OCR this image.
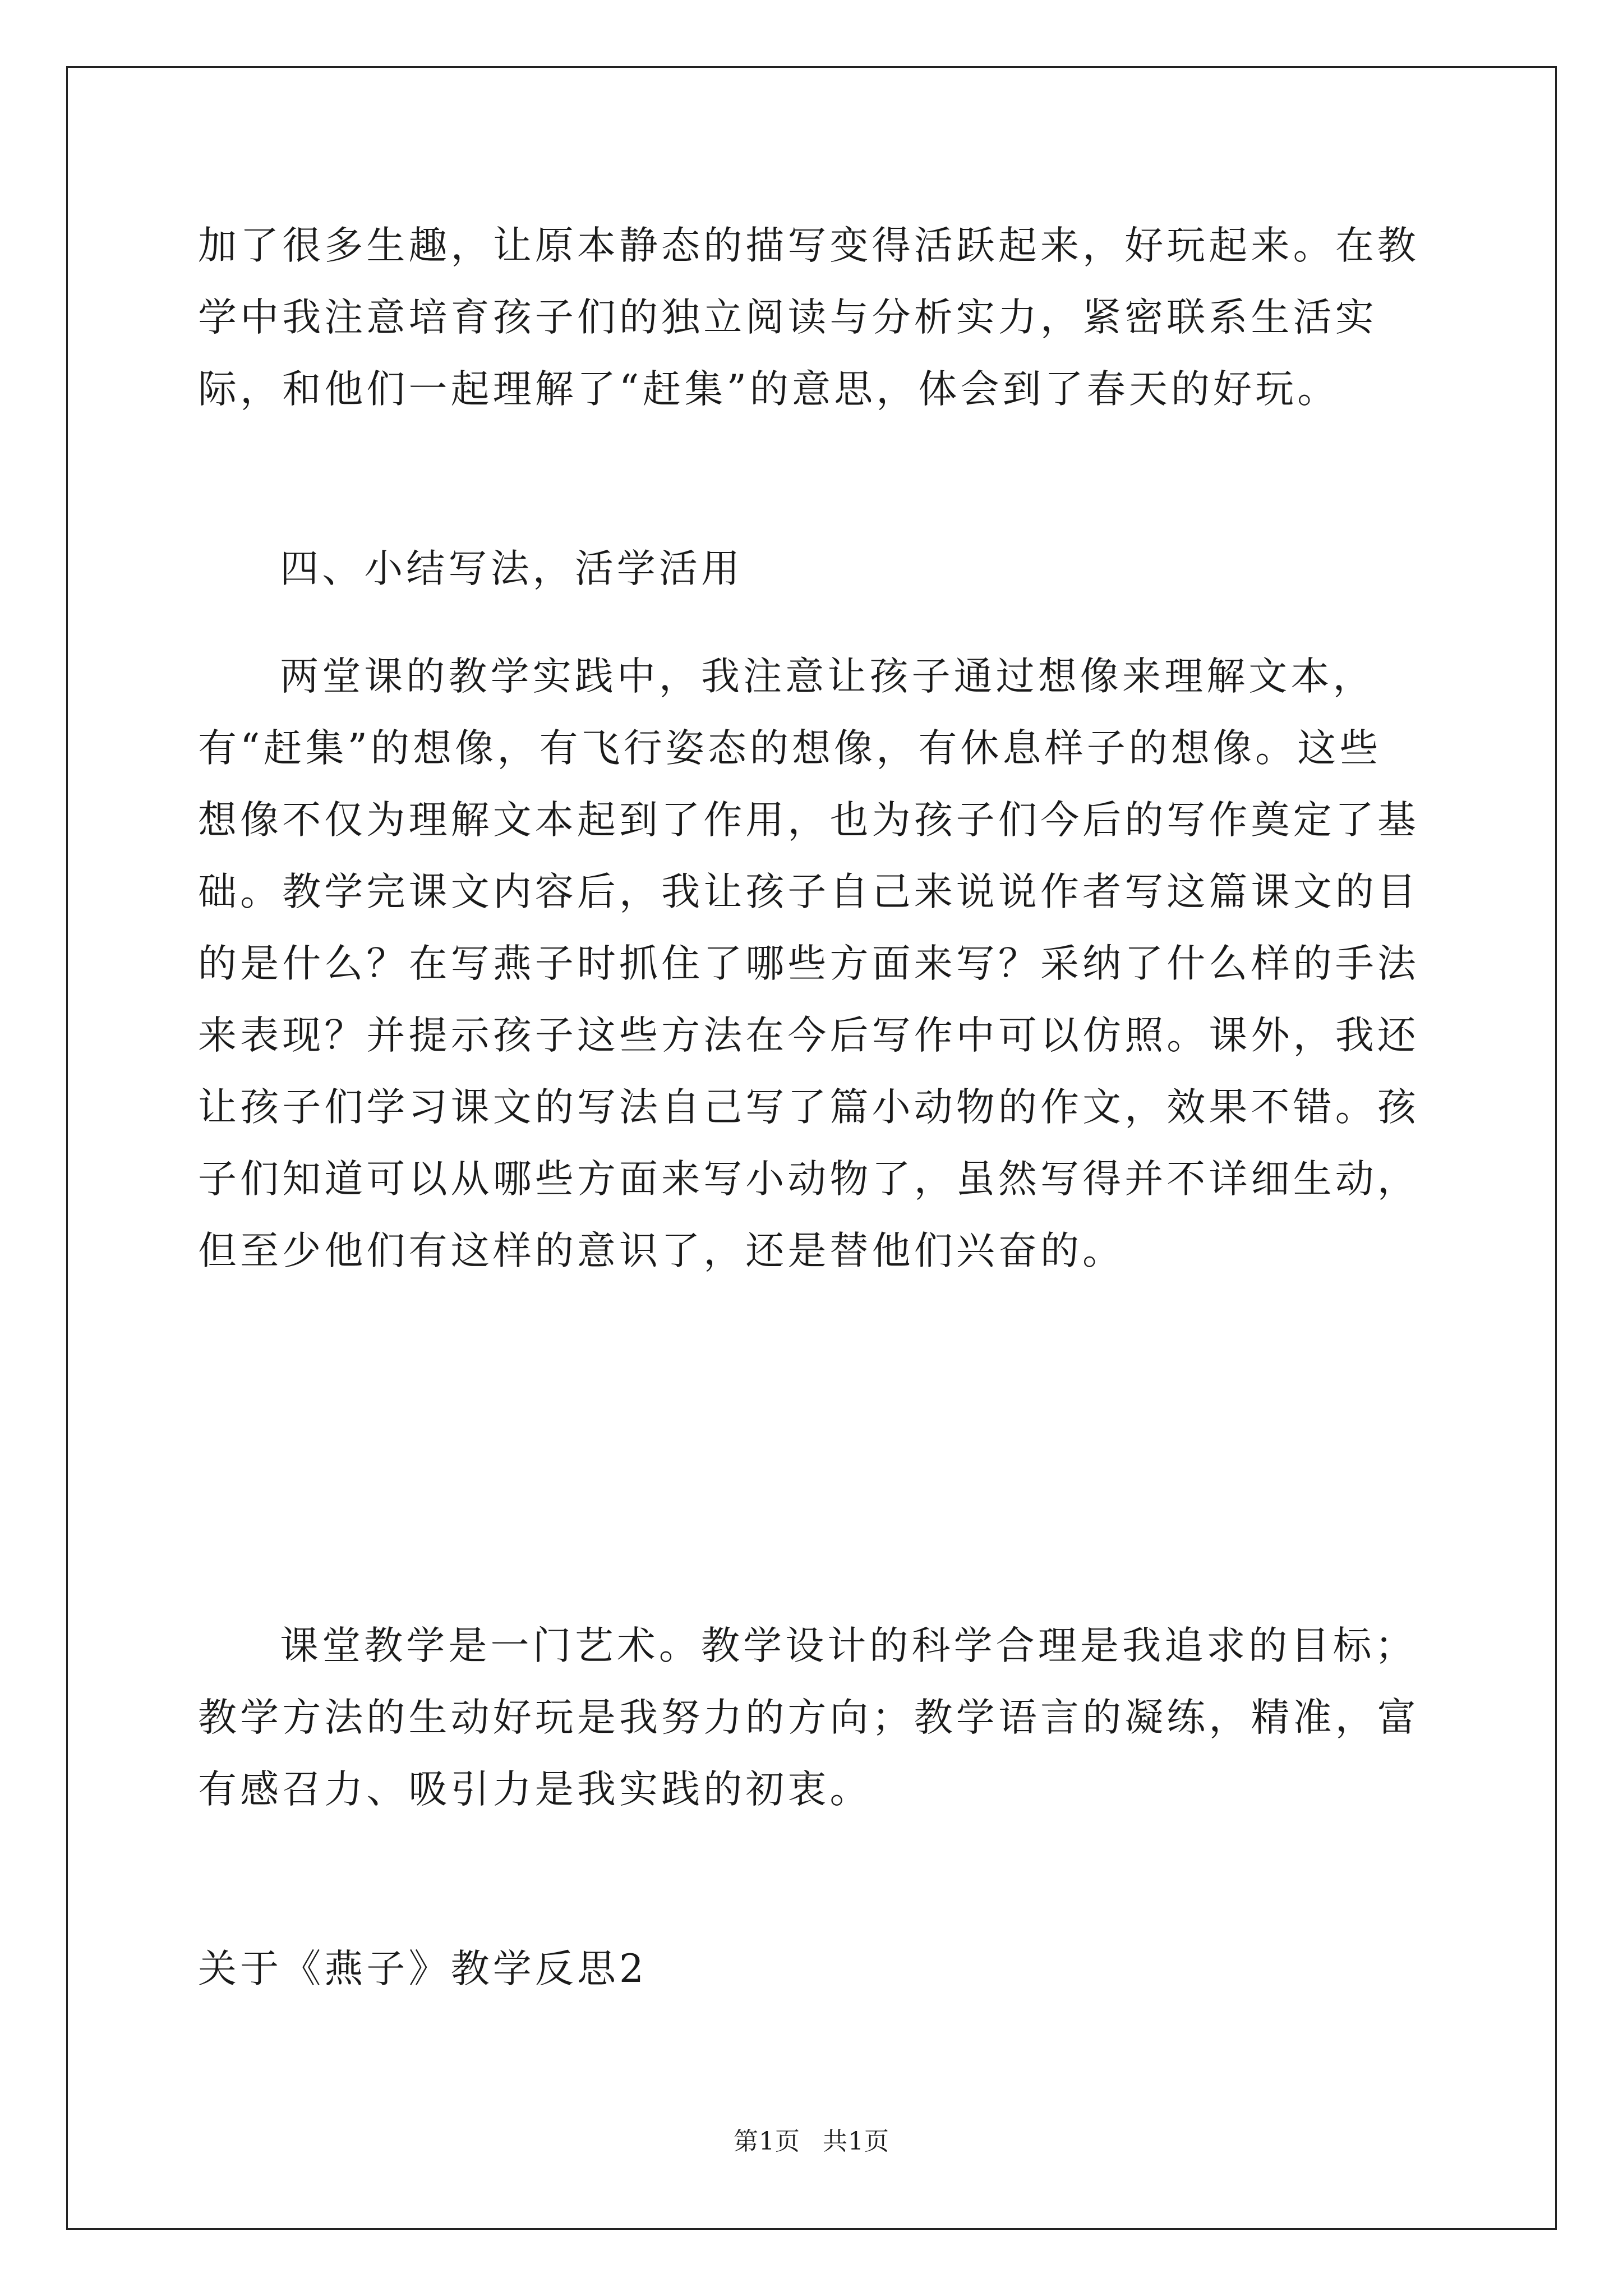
加了很多生趣，让原本静态的描写变得活跃起来，好玩起来。在教学中我注意培育孩子们的独立阅读与分析实力，紧密联系生活实际，和他们一起理解了“赶集”的意思，体会到了春天的好玩。

四、小结写法，活学活用

两堂课的教学实践中，我注意让孩子通过想像来理解文本，有“赶集”的想像，有飞行姿态的想像，有休息样子的想像。这些想像不仅为理解文本起到了作用，也为孩子们今后的写作奠定了基础。教学完课文内容后，我让孩子自己来说说作者写这篇课文的目的是什么？在写燕子时抓住了哪些方面来写？采纳了什么样的手法来表现？并提示孩子这些方法在今后写作中可以仿照。课外，我还让孩子们学习课文的写法自己写了篇小动物的作文，效果不错。孩子们知道可以从哪些方面来写小动物了，虽然写得并不详细生动，但至少他们有这样的意识了，还是替他们兴奋的。

课堂教学是一门艺术。教学设计的科学合理是我追求的目标；教学方法的生动好玩是我努力的方向；教学语言的凝练，精准，富有感召力、吸引力是我实践的初衷。

关于《燕子》教学反思2

第1页 共1页
